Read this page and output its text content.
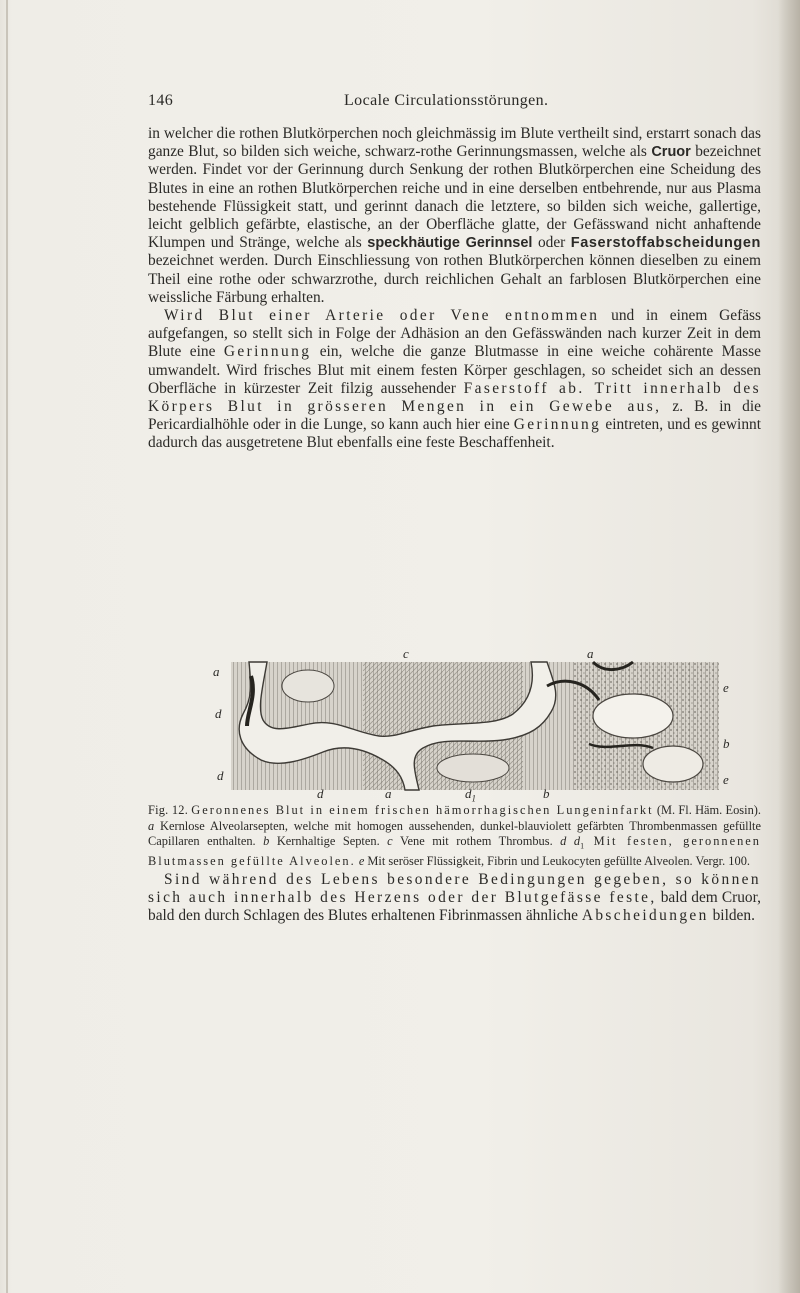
146	Locale Circulationsstörungen.

in welcher die rothen Blutkörperchen noch gleichmässig im Blute vertheilt sind, erstarrt sonach das ganze Blut, so bilden sich weiche, schwarz-rothe Gerinnungsmassen, welche als Cruor bezeichnet werden. Findet vor der Gerinnung durch Senkung der rothen Blutkörperchen eine Scheidung des Blutes in eine an rothen Blutkörperchen reiche und in eine derselben entbehrende, nur aus Plasma bestehende Flüssigkeit statt, und gerinnt danach die letztere, so bilden sich weiche, gallertige, leicht gelblich gefärbte, elastische, an der Oberfläche glatte, der Gefässwand nicht anhaftende Klumpen und Stränge, welche als speckhäutige Gerinnsel oder Faserstoffabscheidungen bezeichnet werden. Durch Einschliessung von rothen Blutkörperchen können dieselben zu einem Theil eine rothe oder schwarzrothe, durch reichlichen Gehalt an farblosen Blutkörperchen eine weissliche Färbung erhalten.

Wird Blut einer Arterie oder Vene entnommen und in einem Gefäss aufgefangen, so stellt sich in Folge der Adhäsion an den Gefässwänden nach kurzer Zeit in dem Blute eine Gerinnung ein, welche die ganze Blutmasse in eine weiche cohärente Masse umwandelt. Wird frisches Blut mit einem festen Körper geschlagen, so scheidet sich an dessen Oberfläche in kürzester Zeit filzig aussehender Faserstoff ab. Tritt innerhalb des Körpers Blut in grösseren Mengen in ein Gewebe aus, z. B. in die Pericardialhöhle oder in die Lunge, so kann auch hier eine Gerinnung eintreten, und es gewinnt dadurch das ausgetretene Blut ebenfalls eine feste Beschaffenheit.

c	a
a
e
d
b
d	e
d	a	$d_1$	b
Fig. 12. Geronnenes Blut in einem frischen hämorrhagischen Lungeninfarkt (M. Fl. Häm. Eosin). a Kernlose Alveolarsepten, welche mit homogen aussehenden, dunkel-blauviolett gefärbten Thrombenmassen gefüllte Capillaren enthalten. b Kernhaltige Septen. c Vene mit rothem Thrombus. d $d_1$ Mit festen, geronnenen Blutmassen gefüllte Alveolen. e Mit seröser Flüssigkeit, Fibrin und Leukocyten gefüllte Alveolen. Vergr. 100.

Sind während des Lebens besondere Bedingungen gegeben, so können sich auch innerhalb des Herzens oder der Blutgefässe feste, bald dem Cruor, bald den durch Schlagen des Blutes erhaltenen Fibrinmassen ähnliche Abscheidungen bilden.
